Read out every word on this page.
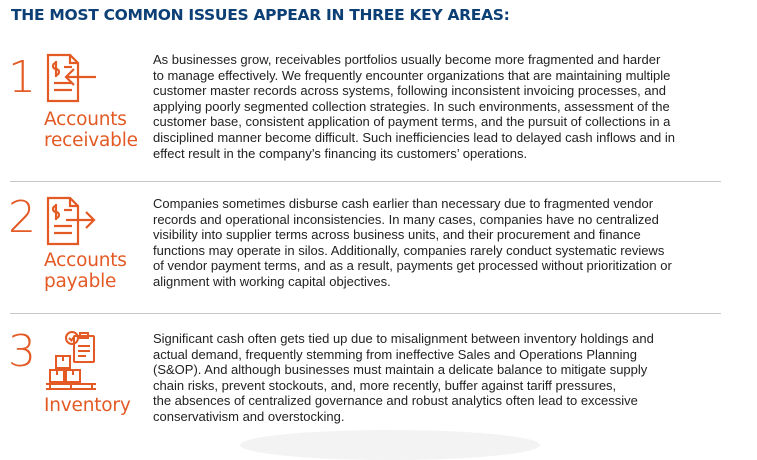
THE MOST COMMON ISSUES APPEAR IN THREE KEY AREAS:
1
Accounts
receivable
As businesses grow, receivables portfolios usually become more fragmented and harder
to manage effectively. We frequently encounter organizations that are maintaining multiple
customer master records across systems, following inconsistent invoicing processes, and
applying poorly segmented collection strategies. In such environments, assessment of the
customer base, consistent application of payment terms, and the pursuit of collections in a
disciplined manner become difficult. Such inefficiencies lead to delayed cash inflows and in
effect result in the company’s financing its customers’ operations.
2
Accounts
payable
Companies sometimes disburse cash earlier than necessary due to fragmented vendor
records and operational inconsistencies. In many cases, companies have no centralized
visibility into supplier terms across business units, and their procurement and finance
functions may operate in silos. Additionally, companies rarely conduct systematic reviews
of vendor payment terms, and as a result, payments get processed without prioritization or
alignment with working capital objectives.
3
Inventory
Significant cash often gets tied up due to misalignment between inventory holdings and
actual demand, frequently stemming from ineffective Sales and Operations Planning
(S&OP). And although businesses must maintain a delicate balance to mitigate supply
chain risks, prevent stockouts, and, more recently, buffer against tariff pressures,
the absences of centralized governance and robust analytics often lead to excessive
conservativism and overstocking.
